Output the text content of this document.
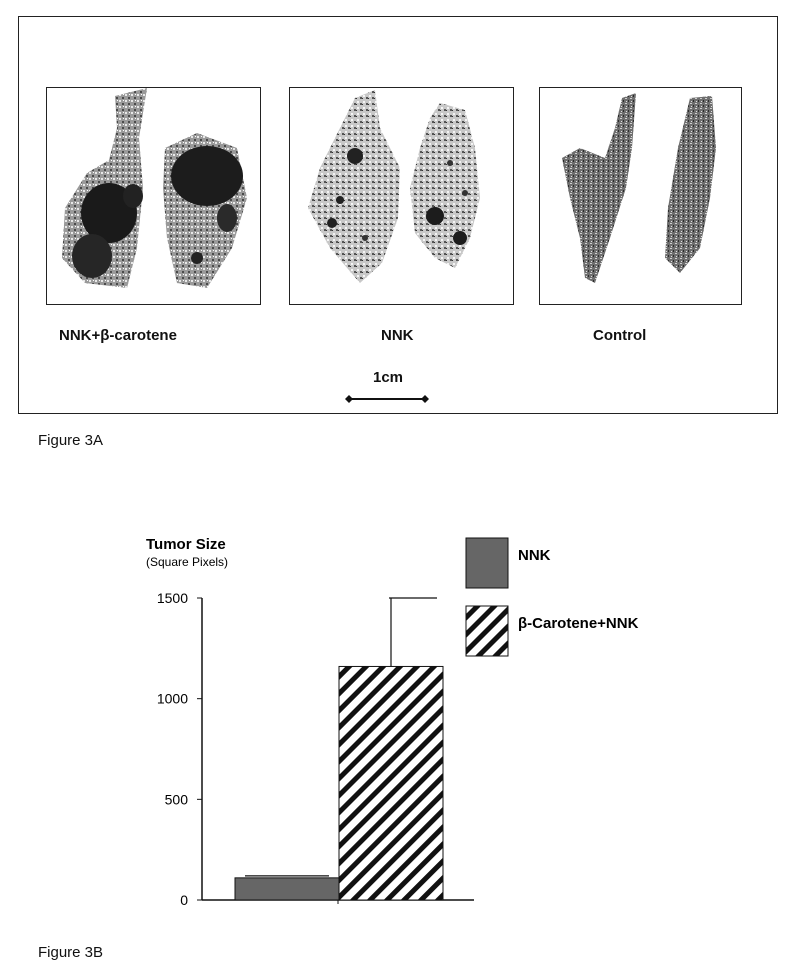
NNK+β-carotene	NNK	Control
1cm
Figure 3A
Tumor Size
(Square Pixels)
0
500
1000
1500
NNK
β-Carotene+NNK
Figure 3B
